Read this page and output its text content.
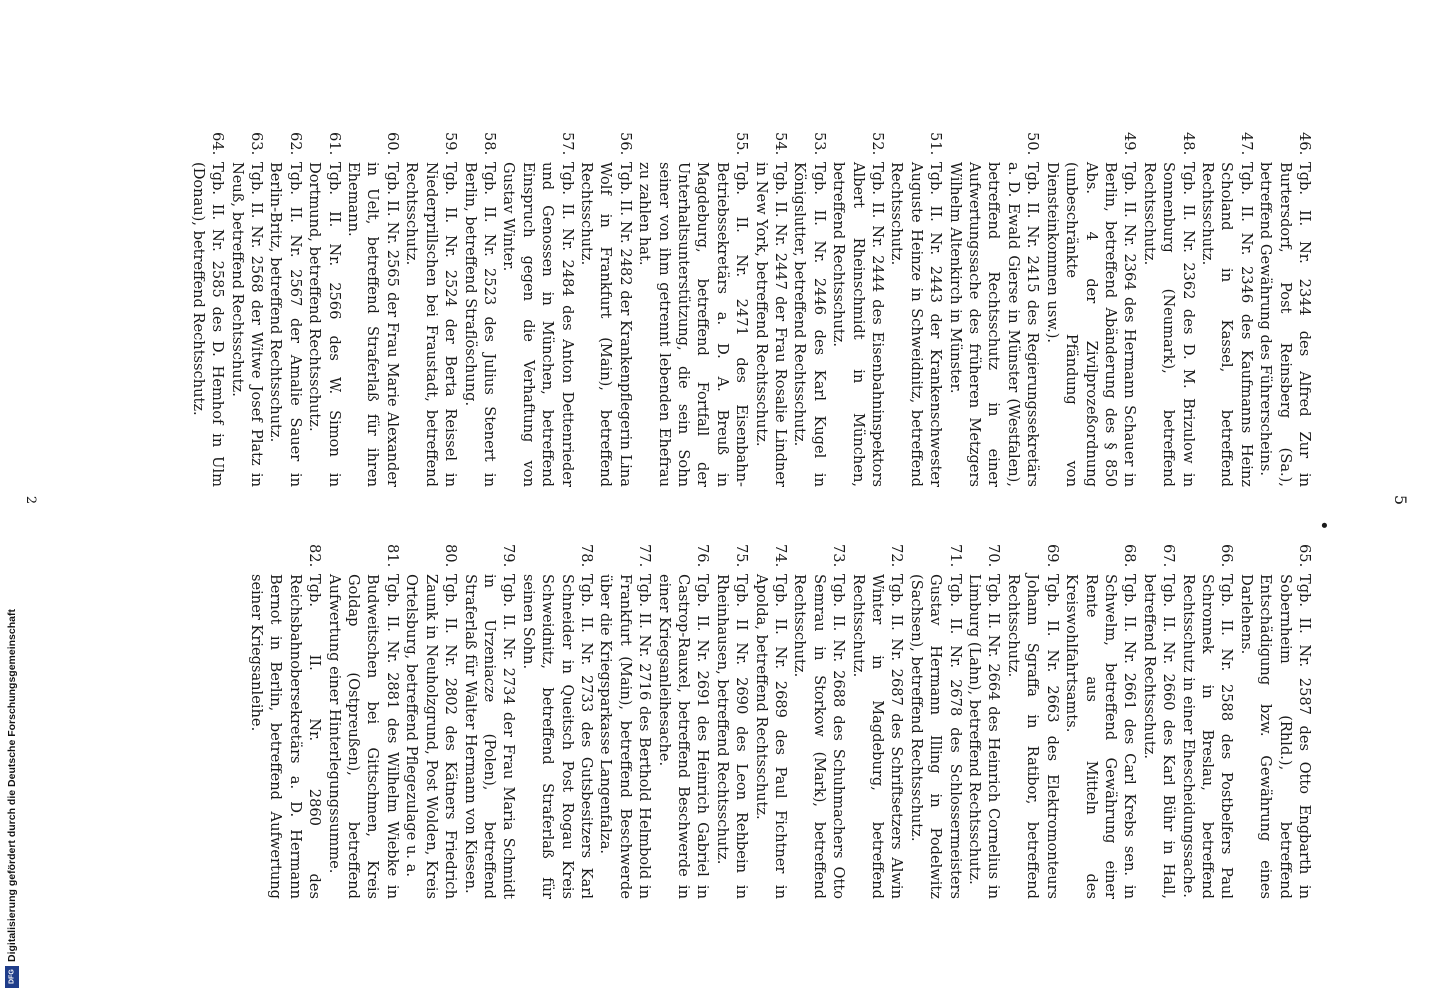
5
•

46.
Tgb. II. Nr. 2344 des Alfred Zur in Burtersdorf, Post Reinsberg (Sa.), betreffend Gewährung des Führerscheins.

47.
Tgb. II. Nr. 2346 des Kaufmanns Heinz Scholand in Kassel, betreffend Rechtsschutz.

48.
Tgb. II. Nr. 2362 des D. M. Brizulow in Sonnenburg (Neumark), betreffend Rechtsschutz.

49.
Tgb. II. Nr. 2364 des Hermann Schauer in Berlin, betreffend Abänderung des § 850 Abs. 4 der Zivilprozeßordnung (unbeschränkte Pfändung von Diensteinkommen usw.).

50.
Tgb. II. Nr. 2415 des Regierungssekretärs a. D. Ewald Gierse in Münster (Westfalen), betreffend Rechtsschutz in einer Aufwertungssache des früheren Metzgers Wilhelm Altenkirch in Münster.

51.
Tgb. II. Nr. 2443 der Krankenschwester Auguste Heinze in Schweidnitz, betreffend Rechtsschutz.

52.
Tgb. II. Nr. 2444 des Eisenbahninspektors Albert Rheinschmidt in München, betreffend Rechtsschutz.

53.
Tgb. II. Nr. 2446 des Karl Kugel in Königslutter, betreffend Rechtsschutz.

54.
Tgb. II. Nr. 2447 der Frau Rosalie Lindner in New York, betreffend Rechtsschutz.

55.
Tgb. II. Nr. 2471 des Eisenbahn-Betriebssekretärs a. D. A. Breuß in Magdeburg, betreffend Fortfall der Unterhaltsunterstützung, die sein Sohn seiner von ihm getrennt lebenden Ehefrau zu zahlen hat.

56.
Tgb. II. Nr. 2482 der Krankenpflegerin Lina Wolf in Frankfurt (Main), betreffend Rechtsschutz.

57.
Tgb. II. Nr. 2484 des Anton Dettenrieder und Genossen in München, betreffend Einspruch gegen die Verhaftung von Gustav Winter.

58.
Tgb. II. Nr. 2523 des Julius Stenert in Berlin, betreffend Straflöschung.

59.
Tgb. II. Nr. 2524 der Berta Reissel in Niederprillschen bei Fraustadt, betreffend Rechtsschutz.

60.
Tgb. II. Nr. 2565 der Frau Marie Alexander in Uelt, betreffend Straferlaß für ihren Ehemann.

61.
Tgb. II. Nr. 2566 des W. Simon in Dortmund, betreffend Rechtsschutz.

62.
Tgb. II. Nr. 2567 der Amalie Sauer in Berlin-Britz, betreffend Rechtsschutz.

63.
Tgb. II. Nr. 2568 der Witwe Josef Platz in Neuß, betreffend Rechtsschutz.

64.
Tgb. II. Nr. 2585 des D. Hemhof in Ulm (Donau), betreffend Rechtsschutz.

65.
Tgb. II. Nr. 2587 des Otto Engbarth in Sobernheim (Rhld.), betreffend Entschädigung bzw. Gewährung eines Darlehens.

66.
Tgb. II. Nr. 2588 des Postbelfers Paul Schronnek in Breslau, betreffend Rechtsschutz in einer Ehescheidungssache.

67.
Tgb. II. Nr. 2660 des Karl Bühr in Hall, betreffend Rechtsschutz.

68.
Tgb. II. Nr. 2661 des Carl Krebs sen. in Schwelm, betreffend Gewährung einer Rente aus Mitteln des Kreiswohlfahrtsamts.

69.
Tgb. II. Nr. 2663 des Elektromonteurs Johann Sgraffa in Ratibor, betreffend Rechtsschutz.

70.
Tgb. II. Nr. 2664 des Heinrich Cornelius in Limburg (Lahn), betreffend Rechtsschutz.

71.
Tgb. II. Nr. 2678 des Schlossermeisters Gustav Hermann Illing in Podelwitz (Sachsen), betreffend Rechtsschutz.

72.
Tgb. II. Nr. 2687 des Schriftsetzers Alwin Winter in Magdeburg, betreffend Rechtsschutz.

73.
Tgb. II. Nr. 2688 des Schuhmachers Otto Semrau in Storkow (Mark), betreffend Rechtsschutz.

74.
Tgb. II. Nr. 2689 des Paul Fichtner in Apolda, betreffend Rechtsschutz.

75.
Tgb. II Nr. 2690 des Leon Rehbein in Rheinhausen, betreffend Rechtsschutz.

76.
Tgb. II. Nr. 2691 des Heinrich Gabriel in Castrop-Rauxel, betreffend Beschwerde in einer Kriegsanleihesache.

77.
Tgb. II. Nr. 2716 des Berthold Helmbold in Frankfurt (Main), betreffend Beschwerde über die Kriegsparkasse Langenfalza.

78.
Tgb. II. Nr. 2733 des Gutsbesitzers Karl Schneider in Queitsch Post Rogau Kreis Schweidnitz, betreffend Straferlaß für seinen Sohn.

79.
Tgb. II. Nr. 2734 der Frau Maria Schmidt in Urzeniacze (Polen), betreffend Straferlaß für Walter Hermann von Kiesen.

80.
Tgb. II. Nr. 2802 des Kätners Friedrich Zaunk in Neuholzgrund, Post Wolden, Kreis Ortelsburg, betreffend Pflegezulage u. a.

81.
Tgb. II. Nr. 2881 des Wilhelm Wiebke in Budweitschen bei Gittschmen, Kreis Goldap (Ostpreußen), betreffend Aufwertung einer Hinterlegungssumme.

82.
Tgb. II. Nr. 2860 des Reichsbahnobersekretärs a. D. Hermann Bernot in Berlin, betreffend Aufwertung seiner Kriegsanleihe.

2
Digitalisierung gefördert durch die Deutsche Forschungsgemeinschaft
DFG
